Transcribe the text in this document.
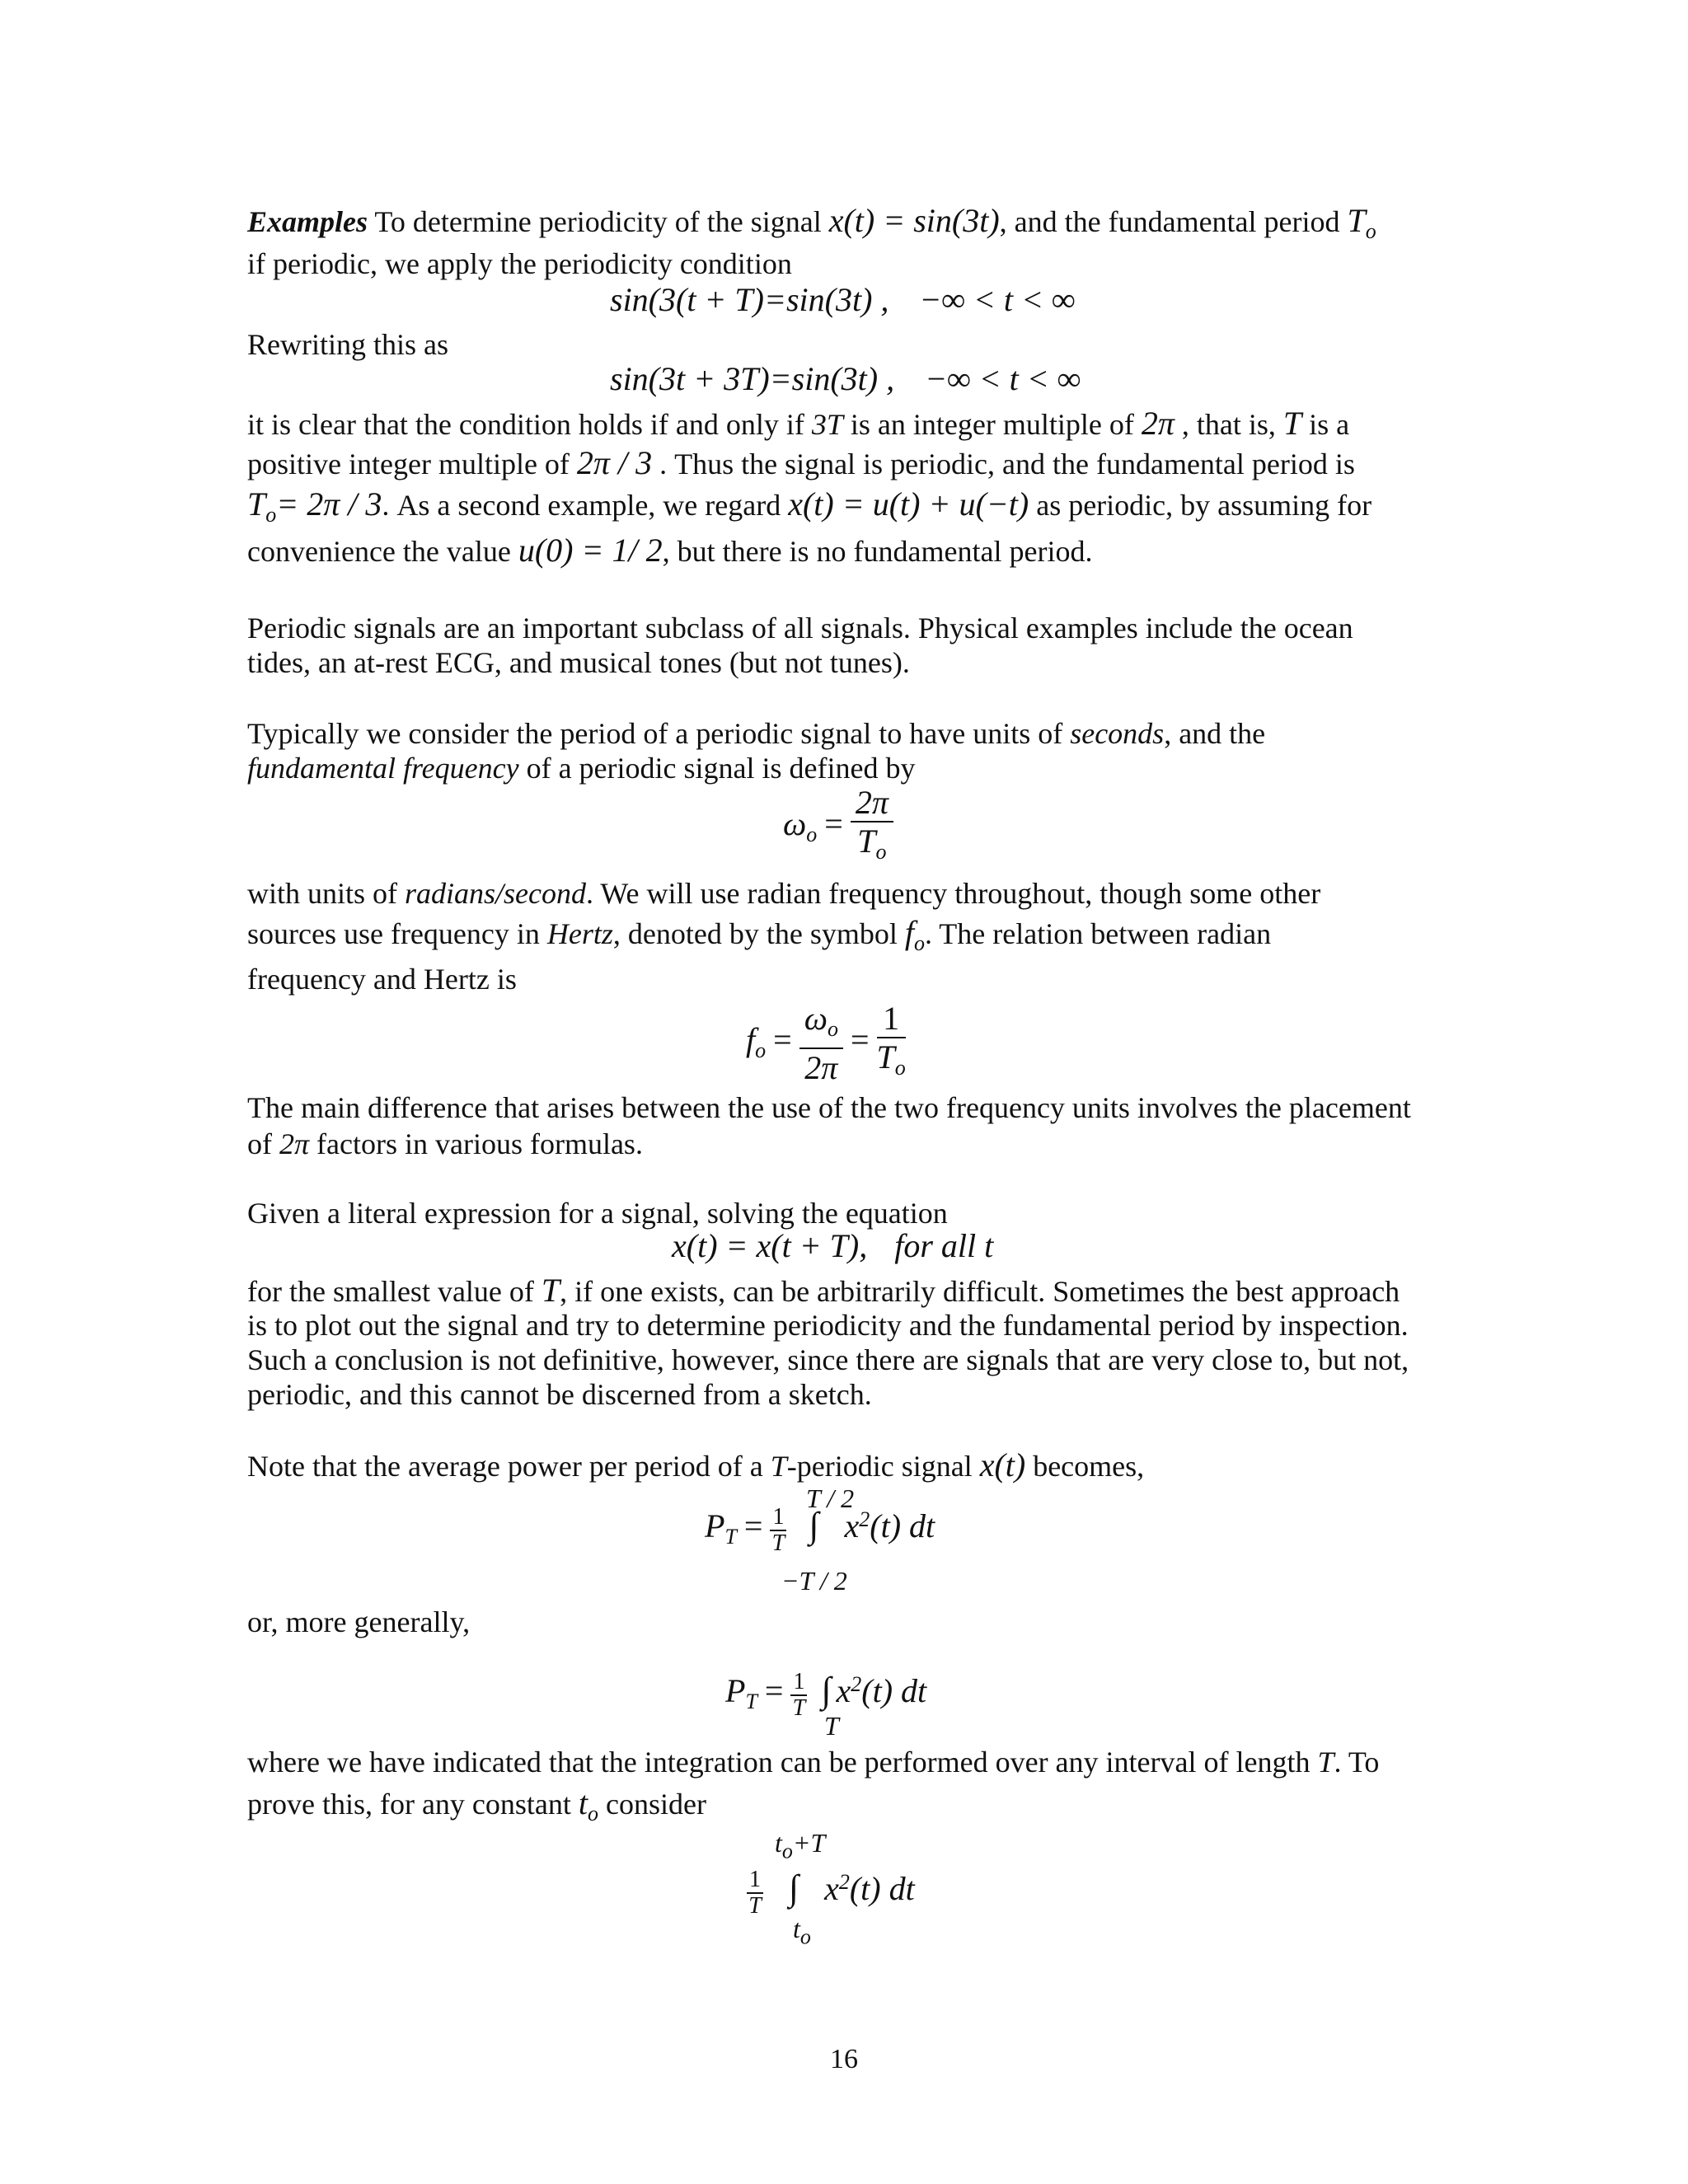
Examples To determine periodicity of the signal x(t) = sin(3t), and the fundamental period $T_o$
if periodic, we apply the periodicity condition
sin(3(t + T)=sin(3t) , −∞ < t < ∞
Rewriting this as
sin(3t + 3T)=sin(3t) , −∞ < t < ∞
it is clear that the condition holds if and only if 3T is an integer multiple of 2π , that is, T is a
positive integer multiple of 2π / 3 . Thus the signal is periodic, and the fundamental period is
$T_o= 2\pi / 3$. As a second example, we regard x(t) = u(t) + u(−t) as periodic, by assuming for
convenience the value u(0) = 1/ 2, but there is no fundamental period.
Periodic signals are an important subclass of all signals. Physical examples include the ocean
tides, an at-rest ECG, and musical tones (but not tunes).
Typically we consider the period of a periodic signal to have units of seconds, and the
fundamental frequency of a periodic signal is defined by
$\omega_o = \frac{2\pi}{T_o}$
with units of radians/second. We will use radian frequency throughout, though some other
sources use frequency in Hertz, denoted by the symbol $f_o$. The relation between radian
frequency and Hertz is
$f_o = \frac{\omega_o}{2\pi} = \frac{1}{T_o}$
The main difference that arises between the use of the two frequency units involves the placement
of 2π factors in various formulas.
Given a literal expression for a signal, solving the equation
x(t) = x(t + T), for all t
for the smallest value of T, if one exists, can be arbitrarily difficult. Sometimes the best approach
is to plot out the signal and try to determine periodicity and the fundamental period by inspection.
Such a conclusion is not definitive, however, since there are signals that are very close to, but not,
periodic, and this cannot be discerned from a sketch.
Note that the average power per period of a T-periodic signal x(t) becomes,
$P_T = \frac{1}{T}$ ∫ $x^2(t)$ dt
T / 2
−T / 2
or, more generally,
$P_T = \frac{1}{T}$ ∫ $x^2(t)$ dt
T
where we have indicated that the integration can be performed over any interval of length T. To
prove this, for any constant $t_o$ consider
$\frac{1}{T}$ ∫ $x^2(t)$ dt
$t_o+T$
$t_o$
16
